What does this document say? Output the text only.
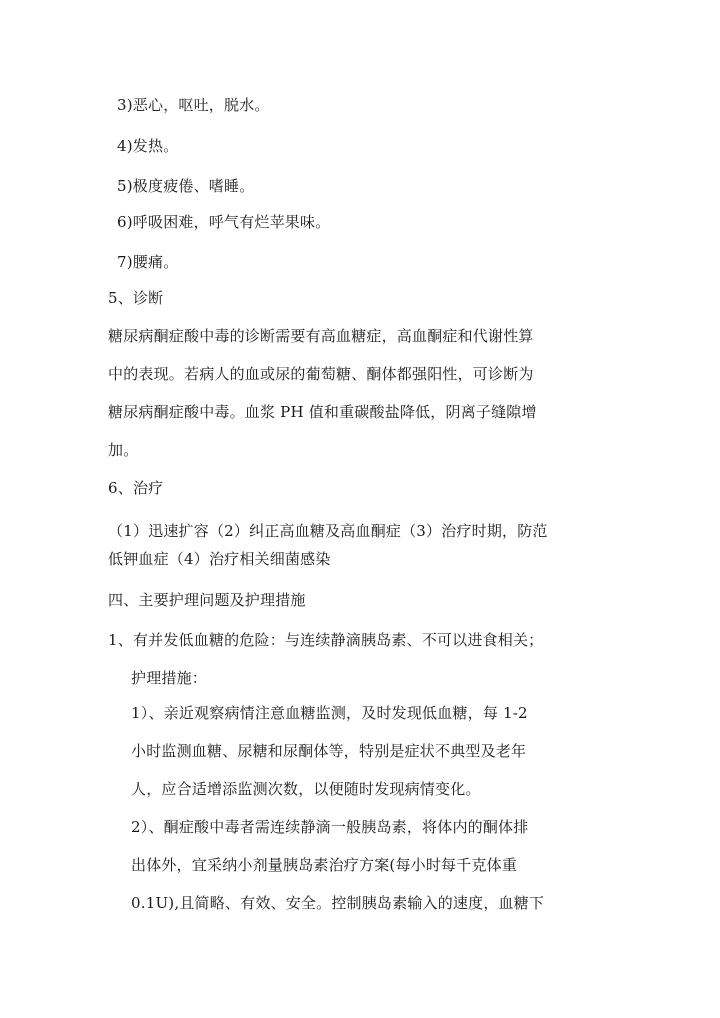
3)恶心，呕吐，脱水。
4)发热。
5)极度疲倦、嗜睡。
6)呼吸困难，呼气有烂苹果味。
7)腰痛。
5、诊断
糖尿病酮症酸中毒的诊断需要有高血糖症，高血酮症和代谢性算
中的表现。若病人的血或尿的葡萄糖、酮体都强阳性，可诊断为
糖尿病酮症酸中毒。血浆 PH 值和重碳酸盐降低，阴离子缝隙增
加。
6、治疗
（1）迅速扩容（2）纠正高血糖及高血酮症（3）治疗时期，防范
低钾血症（4）治疗相关细菌感染
四、主要护理问题及护理措施
1、有并发低血糖的危险：与连续静滴胰岛素、不可以进食相关；
护理措施：
1）、亲近观察病情注意血糖监测，及时发现低血糖，每 1-2
小时监测血糖、尿糖和尿酮体等，特别是症状不典型及老年
人，应合适增添监测次数，以便随时发现病情变化。
2）、酮症酸中毒者需连续静滴一般胰岛素，将体内的酮体排
出体外，宜采纳小剂量胰岛素治疗方案(每小时每千克体重
0.1U),且简略、有效、安全。控制胰岛素输入的速度，血糖下
